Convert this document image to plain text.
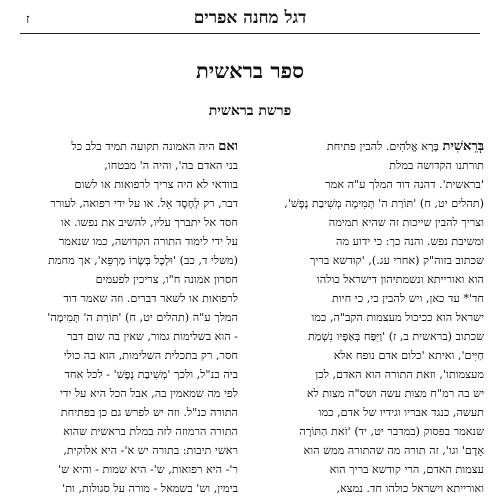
דגל מחנה אפרים
ז
ספר בראשית
פרשת בראשית
בְּרֵאשִׁית בָּרָא אֱלֹהִים. להבין פתיחת
תורתנו הקדושה במלת
'בראשית'. דהנה דוד המלך ע"ה אמר
(תהלים יט, ח) 'תּוֹרַת ה' תְּמִימָה מְשִׁיבַת נָפֶשׁ',
וצריך להבין שייכות זה שהיא תמימה
ומשיבת נפש. והנה כך: כי ידוע מה
שכתוב בזוה"ק (אחרי עג.), 'קודשא בריך
הוא ואורייתא ונשמתיהון דישראל כולהו
חד'* עד כאן, ויש להבין כי, כי חיות
ישראל הוא ככיכול מעצמות הקב"ה, כמו
שכתוב (בראשית ב, ז) 'וַיִּפַּח בְּאַפָּיו נִשְׁמַת
חַיִּים', ואיתא 'כלום אדם נופח אלא
מעצמותו', וזאת התורה הוא האדם, לכן
יש בה רמ"ח מצות עשה ושס"ה מצות לא
תעשה, כנגד אבריו וגידיו של אדם, כמו
שנאמר בפסוק (במדבר יט, יד) 'זֹאת הַתּוֹרָה
אָדָם' וגו', זה תורה מה שהתורה ממש הוא
עצמות האדם, הרי קודשא בריך הוא
ואורייתא וישראל כולהו חד. נמצא,
ואם היה האמונה תקועה תמיד בלב כל
בני האדם בה', והיה ה' מבטחו,
בוודאי לא היה צריך לרפואות או לשום
דבר, רק לְחֶסֶד אֵל. או על ידי רפואה, לעורר
חסד אל יתברך עליו, להשיב את נפשו. או
על ידי לימוד התורה הקדושה, כמו שנאמר
(משלי ד, כב) 'וּלְכָל בְּשָׂרוֹ מַרְפֵּא', אך מחמת
חסרון אמונה ח"ו, צריכין לפעמים
לרפואות או לשאר דברים. וזה שאמר דוד
המלך ע"ה (תהלים יט, ח) 'תּוֹרַת ה' תְּמִימָה'
- הוא בשלימות גמור, שאין בה שום דבר
חסר, רק בתכלית השלימות, הוא בה כולי
ביה כנ"ל, ולכך 'מְשִׁיבַת נָפֶשׁ' - לכל אחד
לפי מה שמאמין בה, אבל הכל היא על ידי
התורה כנ"ל. וזה יש לפרש גם כן בפתיחת
התורה הרמוזה לזה במלת בראשית שהוא
ראשי תיבות: בתורה יש א'- היא אלוקית,
ר'- היא רפואות, ש'- היא שמות - והיא ש'
בימין, וש' בשמאל - מורה על סגולות, ות'
